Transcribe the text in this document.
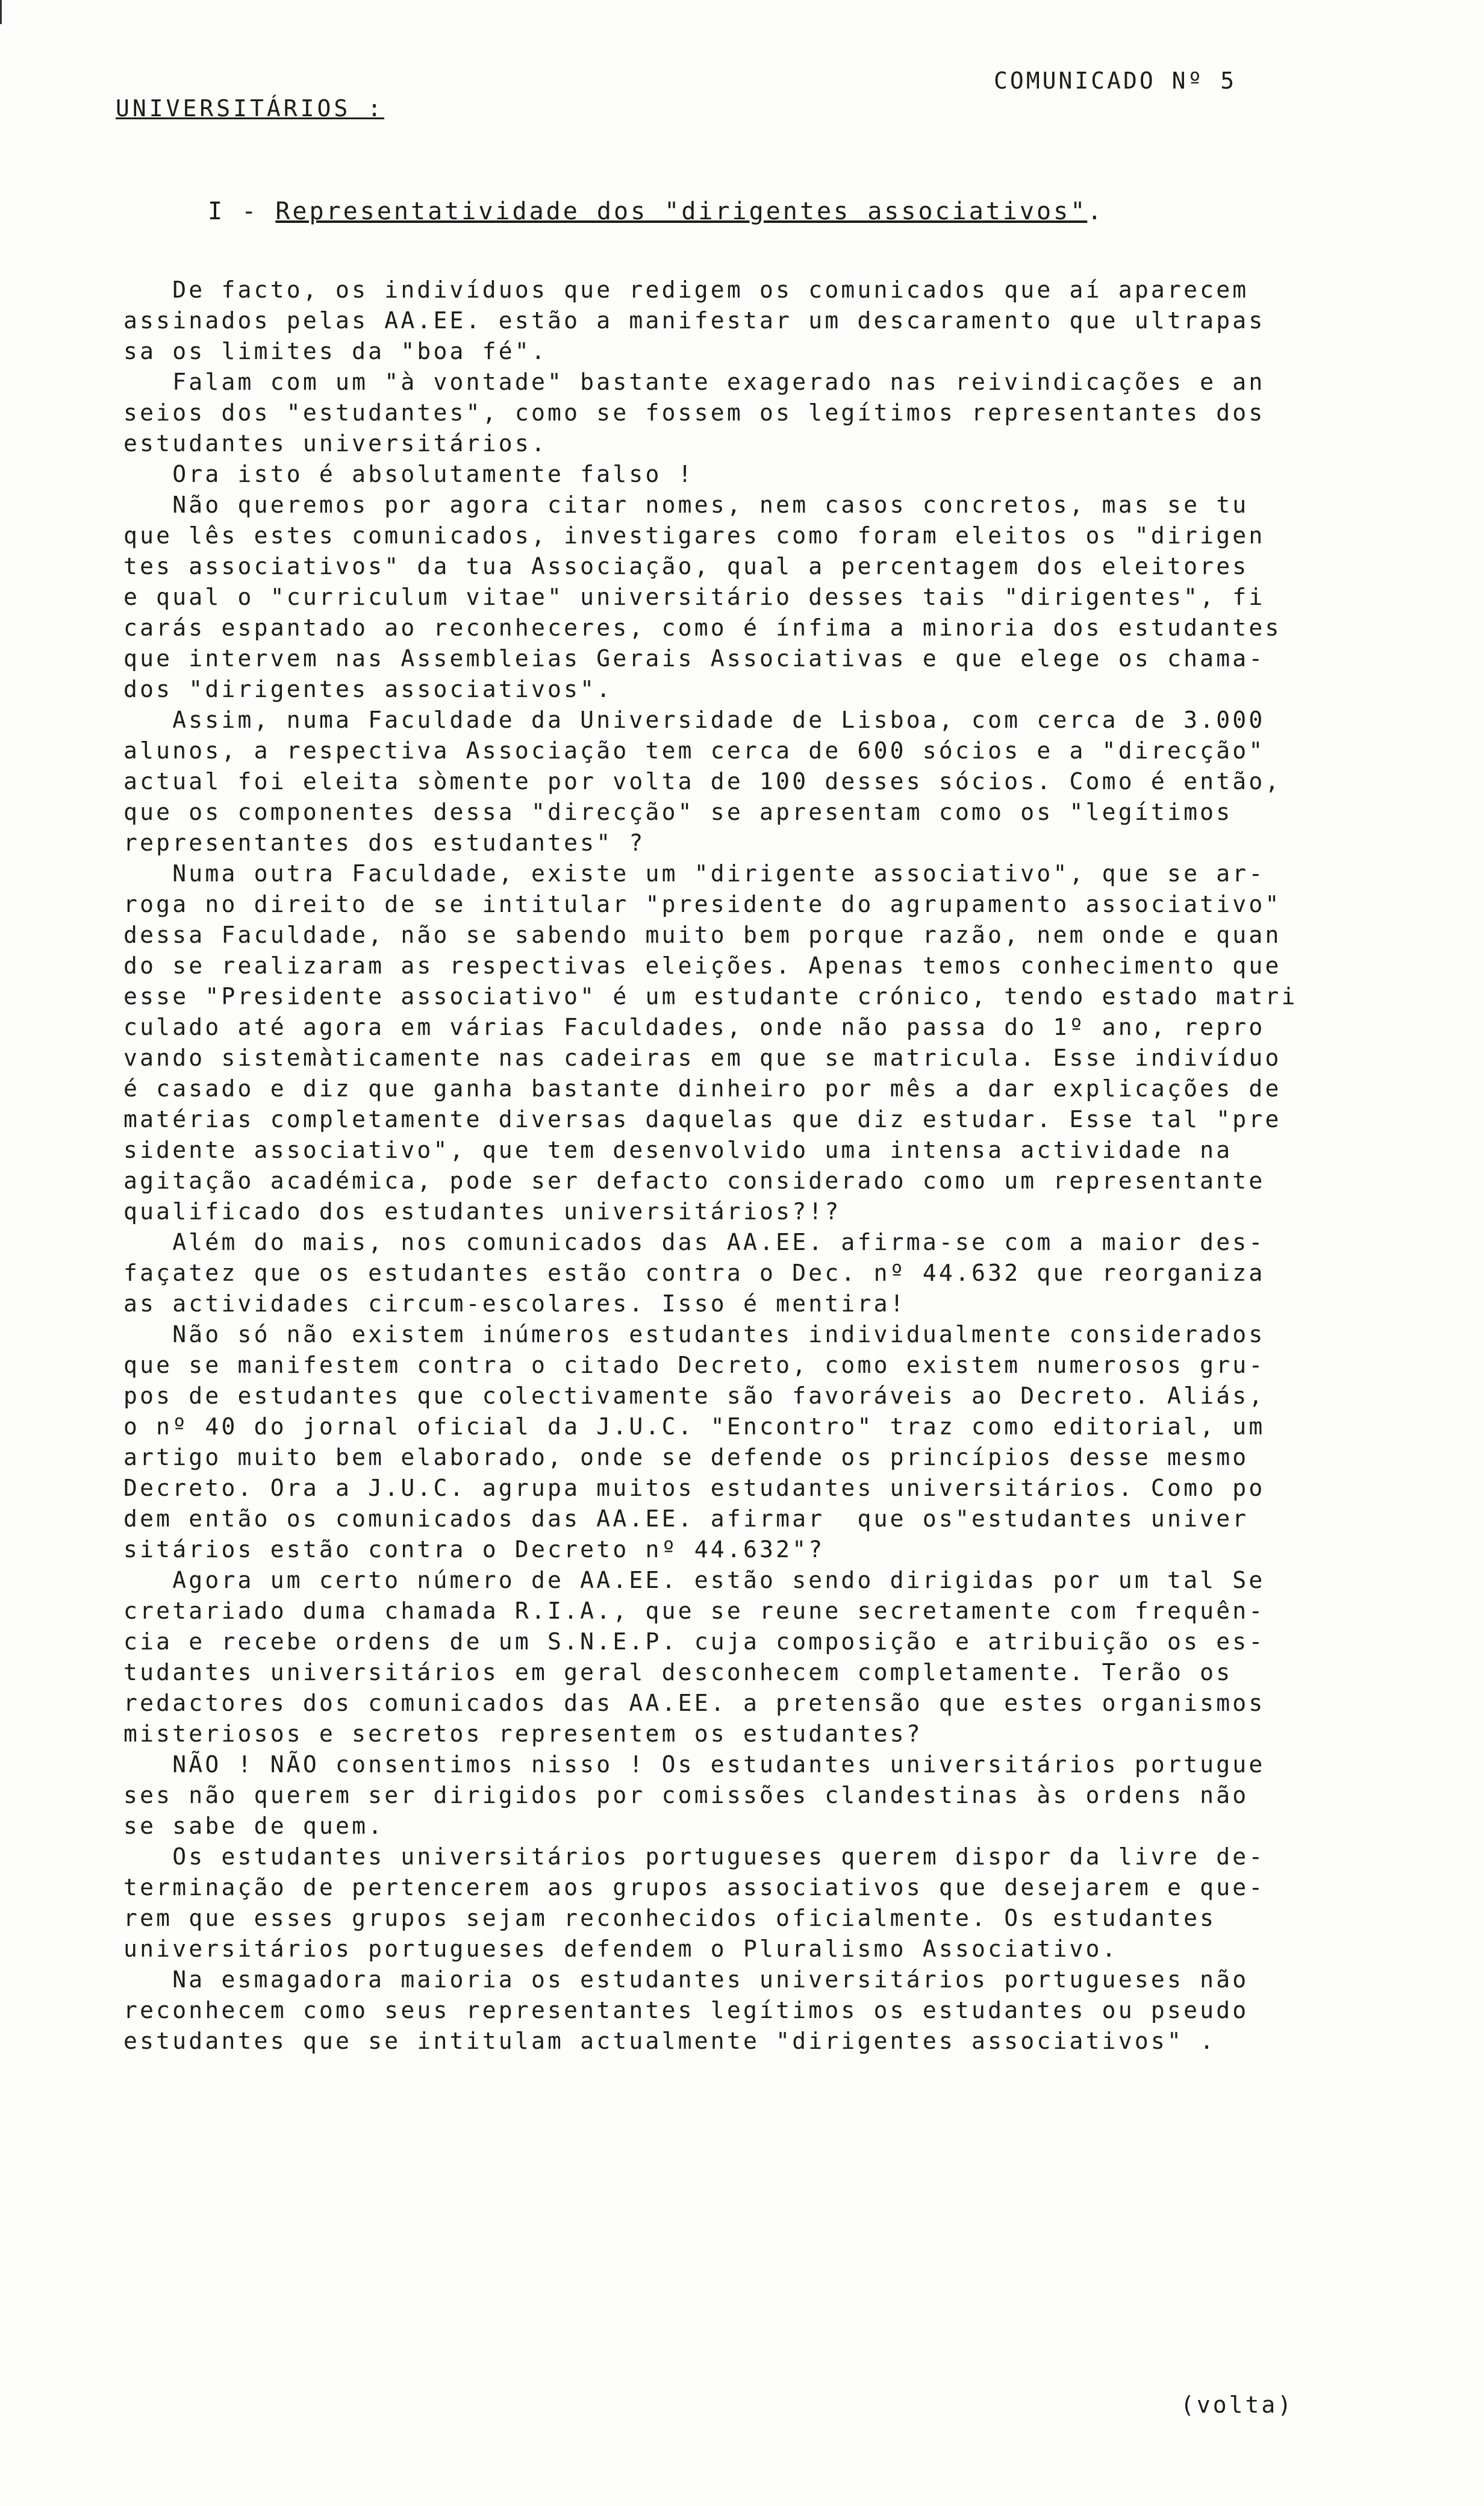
UNIVERSITÁRIOS :
COMUNICADO Nº 5
I - Representatividade dos "dirigentes associativos".
De facto, os indivíduos que redigem os comunicados que aí aparecem
assinados pelas AA.EE. estão a manifestar um descaramento que ultrapas
sa os limites da "boa fé".
Falam com um "à vontade" bastante exagerado nas reivindicações e an
seios dos "estudantes", como se fossem os legítimos representantes dos
estudantes universitários.
Ora isto é absolutamente falso !
Não queremos por agora citar nomes, nem casos concretos, mas se tu
que lês estes comunicados, investigares como foram eleitos os "dirigen
tes associativos" da tua Associação, qual a percentagem dos eleitores
e qual o "curriculum vitae" universitário desses tais "dirigentes", fi
carás espantado ao reconheceres, como é ínfima a minoria dos estudantes
que intervem nas Assembleias Gerais Associativas e que elege os chama-
dos "dirigentes associativos".
Assim, numa Faculdade da Universidade de Lisboa, com cerca de 3.000
alunos, a respectiva Associação tem cerca de 600 sócios e a "direcção"
actual foi eleita sòmente por volta de 100 desses sócios. Como é então,
que os componentes dessa "direcção" se apresentam como os "legítimos
representantes dos estudantes" ?
Numa outra Faculdade, existe um "dirigente associativo", que se ar-
roga no direito de se intitular "presidente do agrupamento associativo"
dessa Faculdade, não se sabendo muito bem porque razão, nem onde e quan
do se realizaram as respectivas eleições. Apenas temos conhecimento que
esse "Presidente associativo" é um estudante crónico, tendo estado matri
culado até agora em várias Faculdades, onde não passa do 1º ano, repro
vando sistemàticamente nas cadeiras em que se matricula. Esse indivíduo
é casado e diz que ganha bastante dinheiro por mês a dar explicações de
matérias completamente diversas daquelas que diz estudar. Esse tal "pre
sidente associativo", que tem desenvolvido uma intensa actividade na
agitação académica, pode ser defacto considerado como um representante
qualificado dos estudantes universitários?!?
Além do mais, nos comunicados das AA.EE. afirma-se com a maior des-
façatez que os estudantes estão contra o Dec. nº 44.632 que reorganiza
as actividades circum-escolares. Isso é mentira!
Não só não existem inúmeros estudantes individualmente considerados
que se manifestem contra o citado Decreto, como existem numerosos gru-
pos de estudantes que colectivamente são favoráveis ao Decreto. Aliás,
o nº 40 do jornal oficial da J.U.C. "Encontro" traz como editorial, um
artigo muito bem elaborado, onde se defende os princípios desse mesmo
Decreto. Ora a J.U.C. agrupa muitos estudantes universitários. Como po
dem então os comunicados das AA.EE. afirmar  que os"estudantes univer
sitários estão contra o Decreto nº 44.632"?
Agora um certo número de AA.EE. estão sendo dirigidas por um tal Se
cretariado duma chamada R.I.A., que se reune secretamente com frequên-
cia e recebe ordens de um S.N.E.P. cuja composição e atribuição os es-
tudantes universitários em geral desconhecem completamente. Terão os
redactores dos comunicados das AA.EE. a pretensão que estes organismos
misteriosos e secretos representem os estudantes?
NÃO ! NÃO consentimos nisso ! Os estudantes universitários portugue
ses não querem ser dirigidos por comissões clandestinas às ordens não
se sabe de quem.
Os estudantes universitários portugueses querem dispor da livre de-
terminação de pertencerem aos grupos associativos que desejarem e que-
rem que esses grupos sejam reconhecidos oficialmente. Os estudantes
universitários portugueses defendem o Pluralismo Associativo.
Na esmagadora maioria os estudantes universitários portugueses não
reconhecem como seus representantes legítimos os estudantes ou pseudo
estudantes que se intitulam actualmente "dirigentes associativos" .
(volta)
